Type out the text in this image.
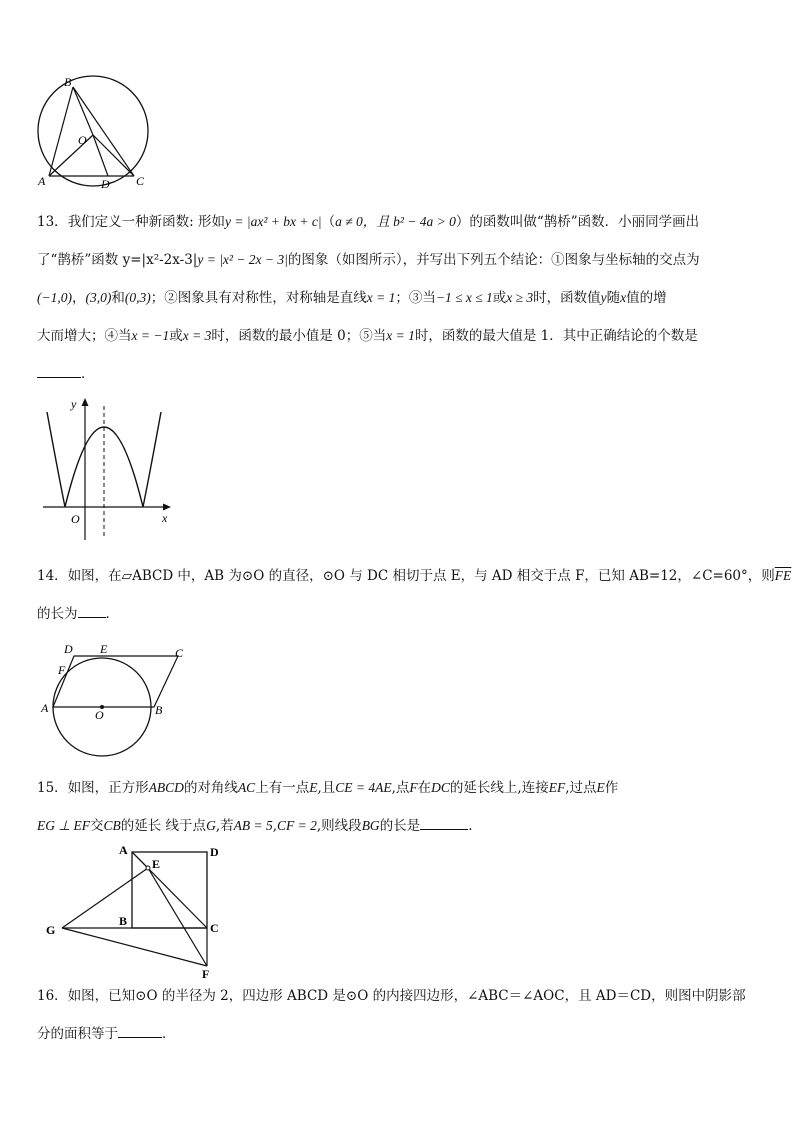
B
O
A	D C
13．我们定义一种新函数: 形如y = |ax² + bx + c|（a ≠ 0，且 b² − 4a > 0）的函数叫做“鹊桥”函数．小丽同学画出
了“鹊桥”函数 y=|x²-2x-3|y = |x² − 2x − 3|的图象（如图所示），并写出下列五个结论：①图象与坐标轴的交点为
(−1,0)，(3,0)和(0,3)；②图象具有对称性，对称轴是直线x = 1；③当−1 ≤ x ≤ 1或x ≥ 3时，函数值y随x值的增
大而增大；④当x = −1或x = 3时，函数的最小值是 0；⑤当x = 1时，函数的最大值是 1．其中正确结论的个数是
．
y
x
O
14．如图，在▱ABCD 中，AB 为⊙O 的直径，⊙O 与 DC 相切于点 E，与 AD 相交于点 F，已知 AB=12，∠C=60°，则$\overline{FE}$
的长为 ．
D E	C
F
A	O	B
15．如图，正方形ABCD的对角线AC上有一点E,且CE = 4AE,点F在DC的延长线上,连接EF,过点E作
EG ⊥ EF交CB的延长 线于点G,若AB = 5,CF = 2,则线段BG的长是	.
A	D
E
B	C
G
F
16．如图，已知⊙O 的半径为 2，四边形 ABCD 是⊙O 的内接四边形，∠ABC＝∠AOC，且 AD＝CD，则图中阴影部
分的面积等于	．
